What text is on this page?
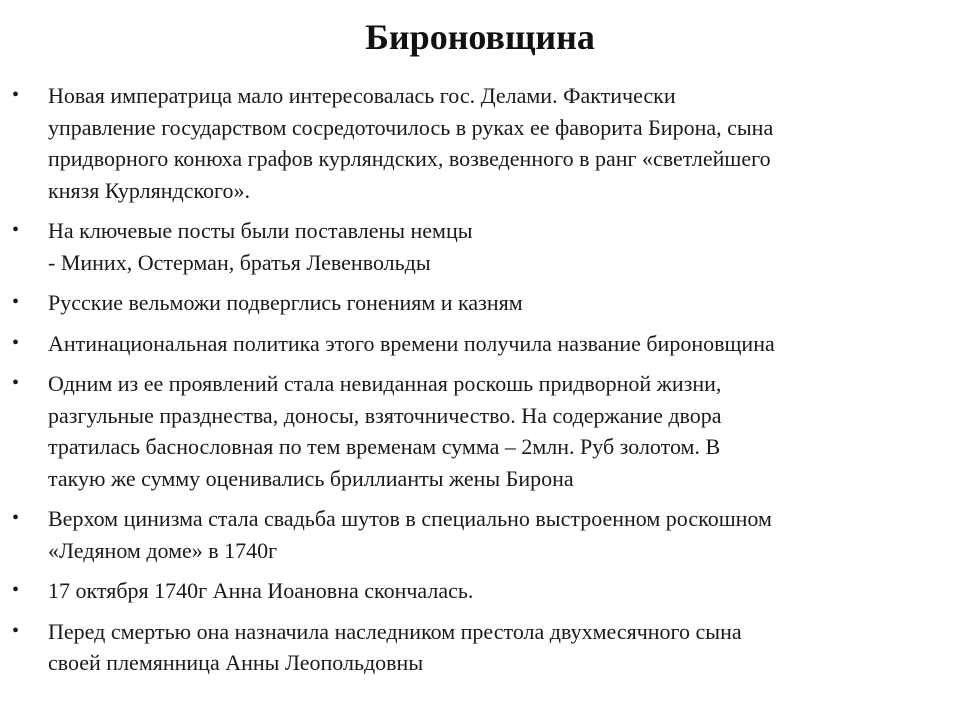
Бироновщина
• Новая императрица мало интересовалась гос. Делами. Фактически
управление государством сосредоточилось в руках ее фаворита Бирона, сына
придворного конюха графов курляндских, возведенного в ранг «светлейшего
князя Курляндского».
• На ключевые посты были поставлены немцы
- Миних, Остерман, братья Левенвольды
• Русские вельможи подверглись гонениям и казням
• Антинациональная политика этого времени получила название бироновщина
• Одним из ее проявлений стала невиданная роскошь придворной жизни,
разгульные празднества, доносы, взяточничество. На содержание двора
тратилась баснословная по тем временам сумма – 2млн. Руб золотом. В
такую же сумму оценивались бриллианты жены Бирона
• Верхом цинизма стала свадьба шутов в специально выстроенном роскошном
«Ледяном доме» в 1740г
• 17 октября 1740г Анна Иоановна скончалась.
• Перед смертью она назначила наследником престола двухмесячного сына
своей племянница Анны Леопольдовны
